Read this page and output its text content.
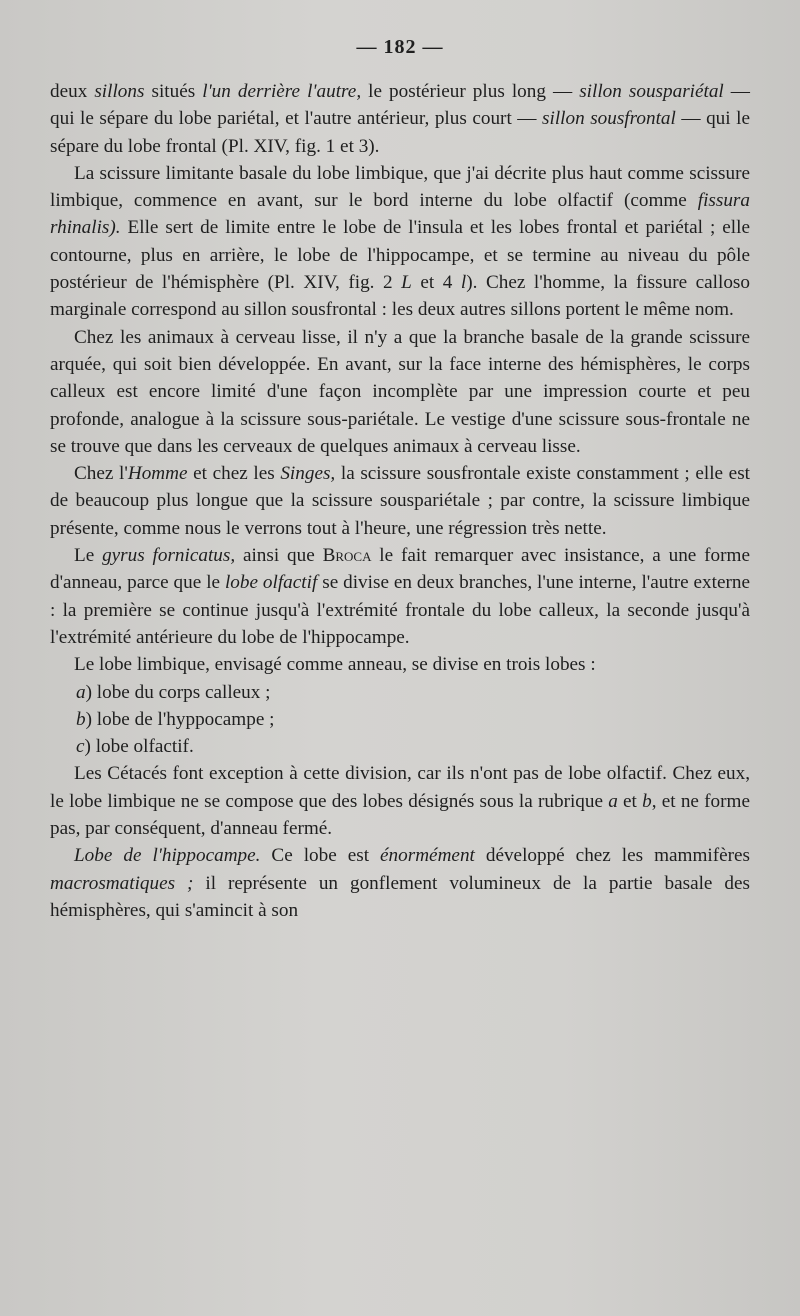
— 182 —

deux sillons situés l'un derrière l'autre, le postérieur plus long — sillon souspariétal — qui le sépare du lobe pariétal, et l'autre antérieur, plus court — sillon sousfrontal — qui le sépare du lobe frontal (Pl. XIV, fig. 1 et 3).

La scissure limitante basale du lobe limbique, que j'ai décrite plus haut comme scissure limbique, commence en avant, sur le bord interne du lobe olfactif (comme fissura rhinalis). Elle sert de limite entre le lobe de l'insula et les lobes frontal et pariétal ; elle contourne, plus en arrière, le lobe de l'hippocampe, et se termine au niveau du pôle postérieur de l'hémisphère (Pl. XIV, fig. 2 L et 4 l). Chez l'homme, la fissure calloso marginale correspond au sillon sousfrontal : les deux autres sillons portent le même nom.

Chez les animaux à cerveau lisse, il n'y a que la branche basale de la grande scissure arquée, qui soit bien développée. En avant, sur la face interne des hémisphères, le corps calleux est encore limité d'une façon incomplète par une impression courte et peu profonde, analogue à la scissure sous-pariétale. Le vestige d'une scissure sous-frontale ne se trouve que dans les cerveaux de quelques animaux à cerveau lisse.

Chez l'Homme et chez les Singes, la scissure sousfrontale existe constamment ; elle est de beaucoup plus longue que la scissure souspariétale ; par contre, la scissure limbique présente, comme nous le verrons tout à l'heure, une régression très nette.

Le gyrus fornicatus, ainsi que Broca le fait remarquer avec insistance, a une forme d'anneau, parce que le lobe olfactif se divise en deux branches, l'une interne, l'autre externe : la première se continue jusqu'à l'extrémité frontale du lobe calleux, la seconde jusqu'à l'extrémité antérieure du lobe de l'hippocampe.

Le lobe limbique, envisagé comme anneau, se divise en trois lobes :

a) lobe du corps calleux ;

b) lobe de l'hyppocampe ;

c) lobe olfactif.

Les Cétacés font exception à cette division, car ils n'ont pas de lobe olfactif. Chez eux, le lobe limbique ne se compose que des lobes désignés sous la rubrique a et b, et ne forme pas, par conséquent, d'anneau fermé.

Lobe de l'hippocampe. Ce lobe est énormément développé chez les mammifères macrosmatiques ; il représente un gonflement volumineux de la partie basale des hémisphères, qui s'amincit à son
